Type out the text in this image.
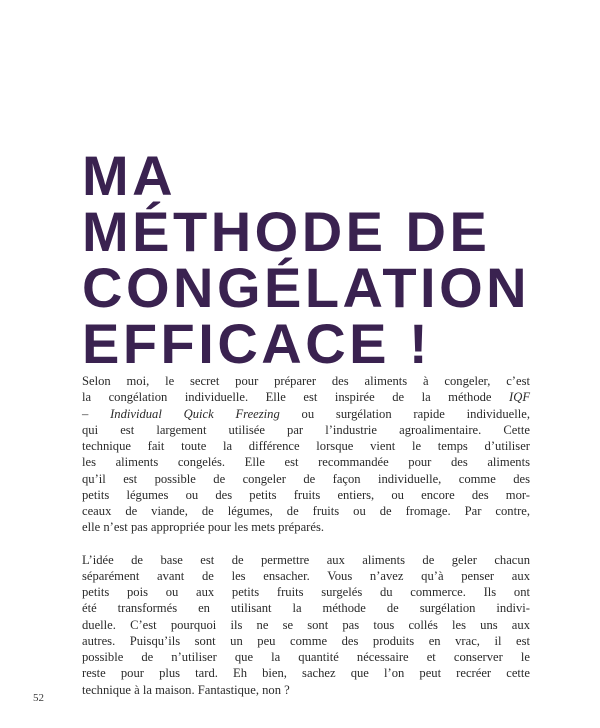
MA
MÉTHODE DE
CONGÉLATION
EFFICACE !

Selon moi, le secret pour préparer des aliments à congeler, c’est
la congélation individuelle. Elle est inspirée de la méthode IQF
– Individual Quick Freezing ou surgélation rapide individuelle,
qui est largement utilisée par l’industrie agroalimentaire. Cette
technique fait toute la différence lorsque vient le temps d’utiliser
les aliments congelés. Elle est recommandée pour des aliments
qu’il est possible de congeler de façon individuelle, comme des
petits légumes ou des petits fruits entiers, ou encore des mor-
ceaux de viande, de légumes, de fruits ou de fromage. Par contre,
elle n’est pas appropriée pour les mets préparés.

L’idée de base est de permettre aux aliments de geler chacun
séparément avant de les ensacher. Vous n’avez qu’à penser aux
petits pois ou aux petits fruits surgelés du commerce. Ils ont
été transformés en utilisant la méthode de surgélation indivi-
duelle. C’est pourquoi ils ne se sont pas tous collés les uns aux
autres. Puisqu’ils sont un peu comme des produits en vrac, il est
possible de n’utiliser que la quantité nécessaire et conserver le
reste pour plus tard. Eh bien, sachez que l’on peut recréer cette
technique à la maison. Fantastique, non ?

52
